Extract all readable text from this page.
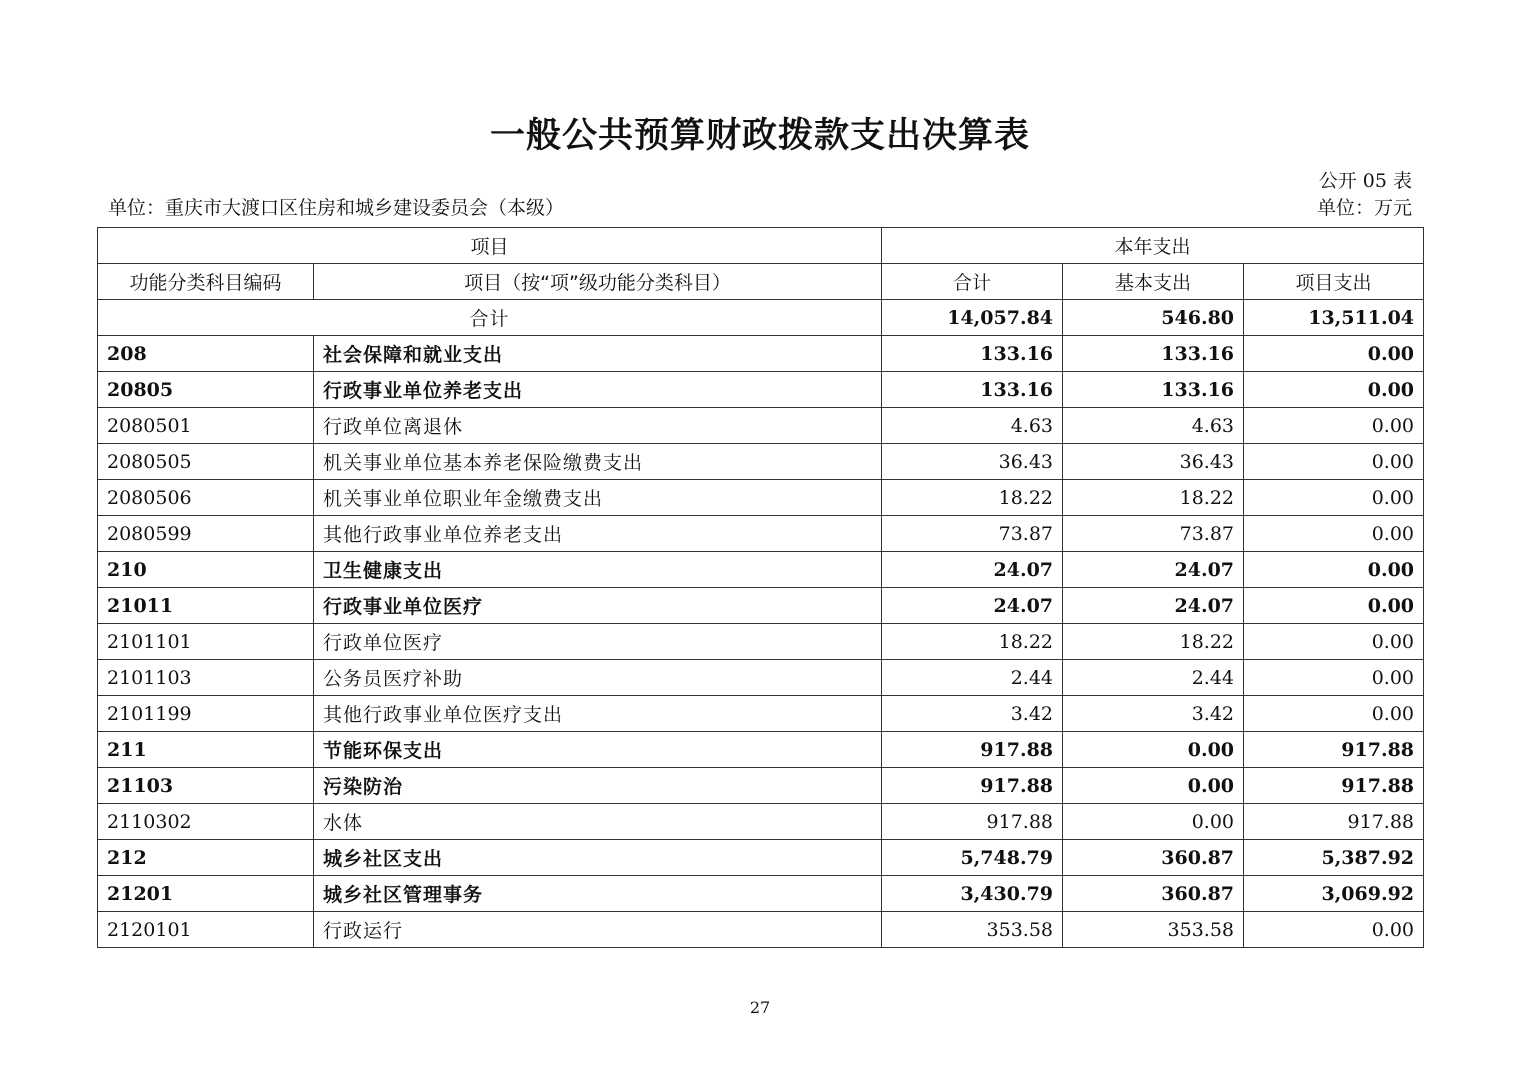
一般公共预算财政拨款支出决算表
公开 05 表
单位：重庆市大渡口区住房和城乡建设委员会（本级）	单位：万元
项目		本年支出		
功能分类科目编码	项目（按“项”级功能分类科目）	合计	基本支出	项目支出
合计		14,057.84	546.80	13,511.04
208	社会保障和就业支出	133.16	133.16	0.00
20805	行政事业单位养老支出	133.16	133.16	0.00
2080501	行政单位离退休	4.63	4.63	0.00
2080505	机关事业单位基本养老保险缴费支出	36.43	36.43	0.00
2080506	机关事业单位职业年金缴费支出	18.22	18.22	0.00
2080599	其他行政事业单位养老支出	73.87	73.87	0.00
210	卫生健康支出	24.07	24.07	0.00
21011	行政事业单位医疗	24.07	24.07	0.00
2101101	行政单位医疗	18.22	18.22	0.00
2101103	公务员医疗补助	2.44	2.44	0.00
2101199	其他行政事业单位医疗支出	3.42	3.42	0.00
211	节能环保支出	917.88	0.00	917.88
21103	污染防治	917.88	0.00	917.88
2110302	水体	917.88	0.00	917.88
212	城乡社区支出	5,748.79	360.87	5,387.92
21201	城乡社区管理事务	3,430.79	360.87	3,069.92
2120101	行政运行	353.58	353.58	0.00
27
